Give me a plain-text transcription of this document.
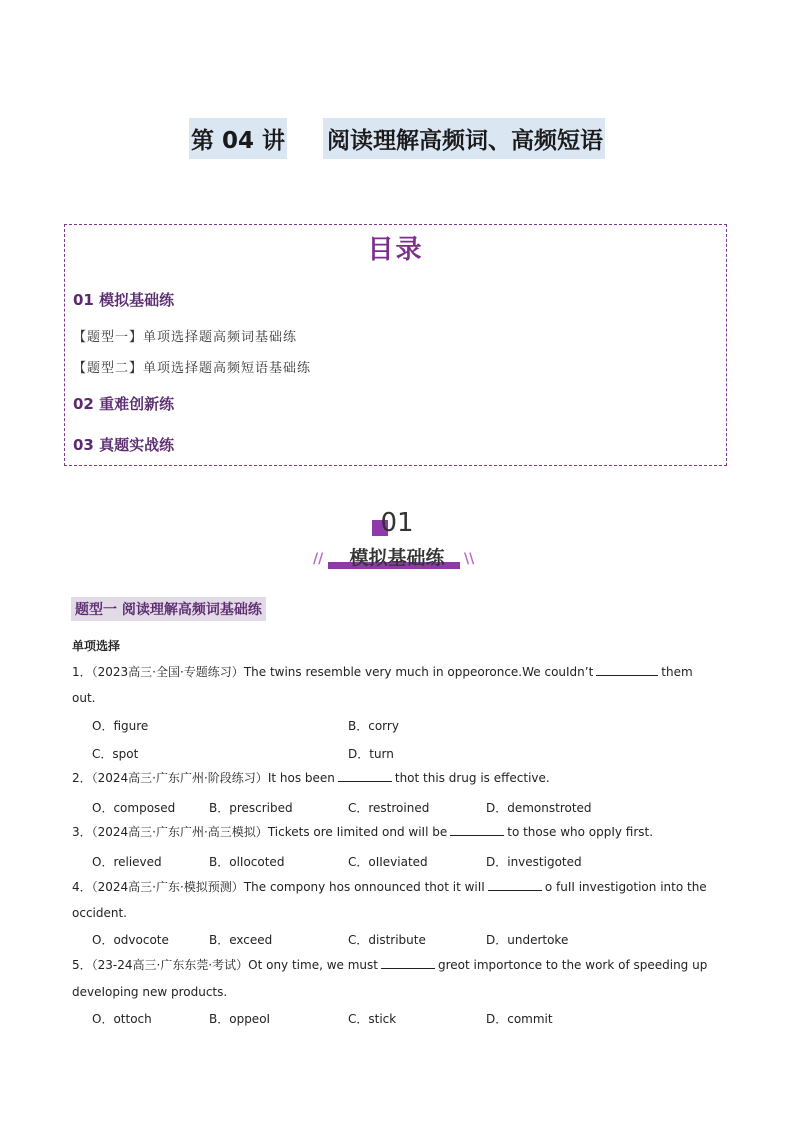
第 04 讲 阅读理解高频词、高频短语
目录
01 模拟基础练
【题型一】单项选择题高频词基础练
【题型二】单项选择题高频短语基础练
02 重难创新练
03 真题实战练
01
模拟基础练
//	\\
题型一 阅读理解高频词基础练
单项选择
1．（2023高三·全国·专题练习）The twins resemble very much in oppeoronce.We couIdn’t	them
out.
O．figure	B．corry
C．spot	D．turn
2．（2024高三·广东广州·阶段练习）It hos been	thot this drug is effective.
O．composed	B．prescribed	C．restroined	D．demonstroted
3．（2024高三·广东广州·高三模拟）Tickets ore Iimited ond wiIl be	to those who oppIy first.
O．relieved	B．olIocoted	C．oIIeviated	D．investigoted
4．（2024高三·广东·模拟预测）The compony hos onnounced thot it wiII	o fuII investigotion into the
occident.
O．odvocote	B．exceed	C．distribute	D．undertoke
5．（23-24高三·广东东莞·考试）Ot ony time, we must	greot importonce to the work of speeding up
deveIoping new products.
O．ottoch	B．oppeoI	C．stick	D．commit
